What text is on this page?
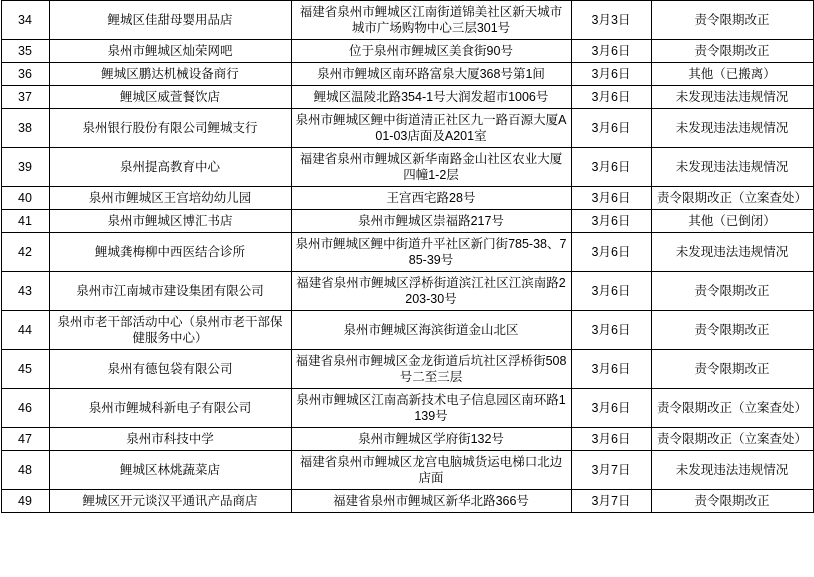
34	鲤城区佳甜母婴用品店	福建省泉州市鲤城区江南街道锦美社区新天城市城市广场购物中心三层301号	3月3日	责令限期改正
35	泉州市鲤城区灿荣网吧	位于泉州市鲤城区美食街90号	3月6日	责令限期改正
36	鲤城区鹏达机械设备商行	泉州市鲤城区南环路富泉大厦368号第1间	3月6日	其他（已搬离）
37	鲤城区威萱餐饮店	鲤城区温陵北路354-1号大润发超市1006号	3月6日	未发现违法违规情况
38	泉州银行股份有限公司鲤城支行	泉州市鲤城区鲤中街道清正社区九一路百源大厦A01-03店面及A201室	3月6日	未发现违法违规情况
39	泉州提高教育中心	福建省泉州市鲤城区新华南路金山社区农业大厦四幢1-2层	3月6日	未发现违法违规情况
40	泉州市鲤城区王宫培幼幼儿园	王宫西宅路28号	3月6日	责令限期改正（立案查处）
41	泉州市鲤城区博汇书店	泉州市鲤城区崇福路217号	3月6日	其他（已倒闭）
42	鲤城龚梅柳中西医结合诊所	泉州市鲤城区鲤中街道升平社区新门街785-38、785-39号	3月6日	未发现违法违规情况
43	泉州市江南城市建设集团有限公司	福建省泉州市鲤城区浮桥街道滨江社区江滨南路2203-30号	3月6日	责令限期改正
44	泉州市老干部活动中心（泉州市老干部保健服务中心）	泉州市鲤城区海滨街道金山北区	3月6日	责令限期改正
45	泉州有德包袋有限公司	福建省泉州市鲤城区金龙街道后坑社区浮桥街508号二至三层	3月6日	责令限期改正
46	泉州市鲤城科新电子有限公司	泉州市鲤城区江南高新技术电子信息园区南环路1139号	3月6日	责令限期改正（立案查处）
47	泉州市科技中学	泉州市鲤城区学府街132号	3月6日	责令限期改正（立案查处）
48	鲤城区林烑蔬菜店	福建省泉州市鲤城区龙宫电脑城货运电梯口北边店面	3月7日	未发现违法违规情况
49	鲤城区开元谈汉平通讯产品商店	福建省泉州市鲤城区新华北路366号	3月7日	责令限期改正
